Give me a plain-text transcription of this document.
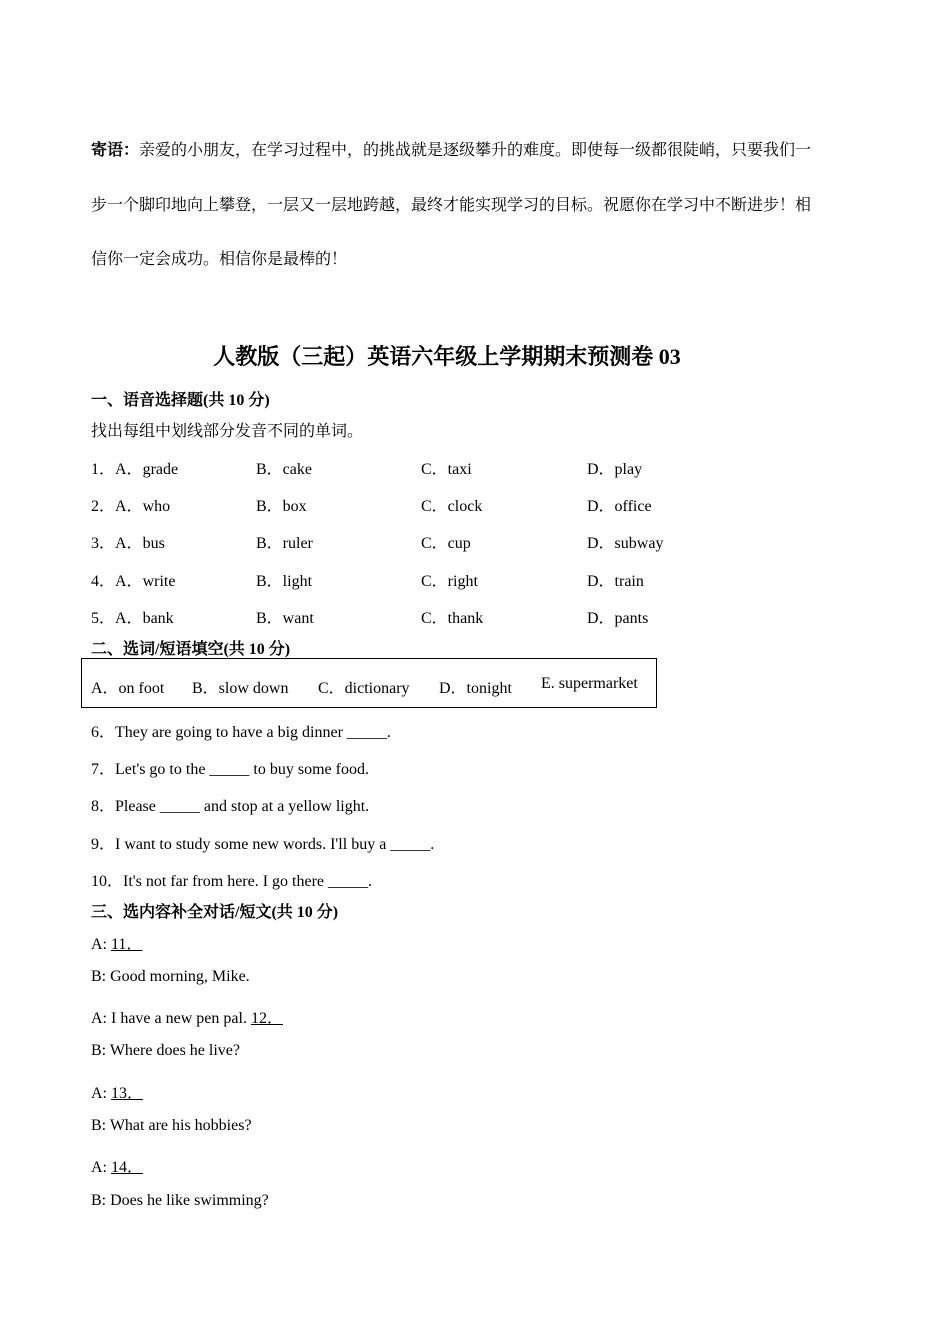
寄语：亲爱的小朋友，在学习过程中，的挑战就是逐级攀升的难度。即使每一级都很陡峭，只要我们一步一个脚印地向上攀登，一层又一层地跨越，最终才能实现学习的目标。祝愿你在学习中不断进步！相信你一定会成功。相信你是最棒的！
人教版（三起）英语六年级上学期期末预测卷 03
一、语音选择题(共 10 分)
找出每组中划线部分发音不同的单词。
1．A．grade	B．cake	C．taxi	D．play
2．A．who	B．box	C．clock	D．office
3．A．bus	B．ruler	C．cup	D．subway
4．A．write	B．light	C．right	D．train
5．A．bank	B．want	C．thank	D．pants
二、选词/短语填空(共 10 分)
A．on foot B．slow down C．dictionary D．tonight E. supermarket
6．They are going to have a big dinner _____.
7．Let's go to the _____ to buy some food.
8．Please _____ and stop at a yellow light.
9．I want to study some new words. I'll buy a _____.
10．It's not far from here. I go there _____.
三、选内容补全对话/短文(共 10 分)
A: 11．
B: Good morning, Mike.
A: I have a new pen pal. 12．
B: Where does he live?
A: 13．
B: What are his hobbies?
A: 14．
B: Does he like swimming?
